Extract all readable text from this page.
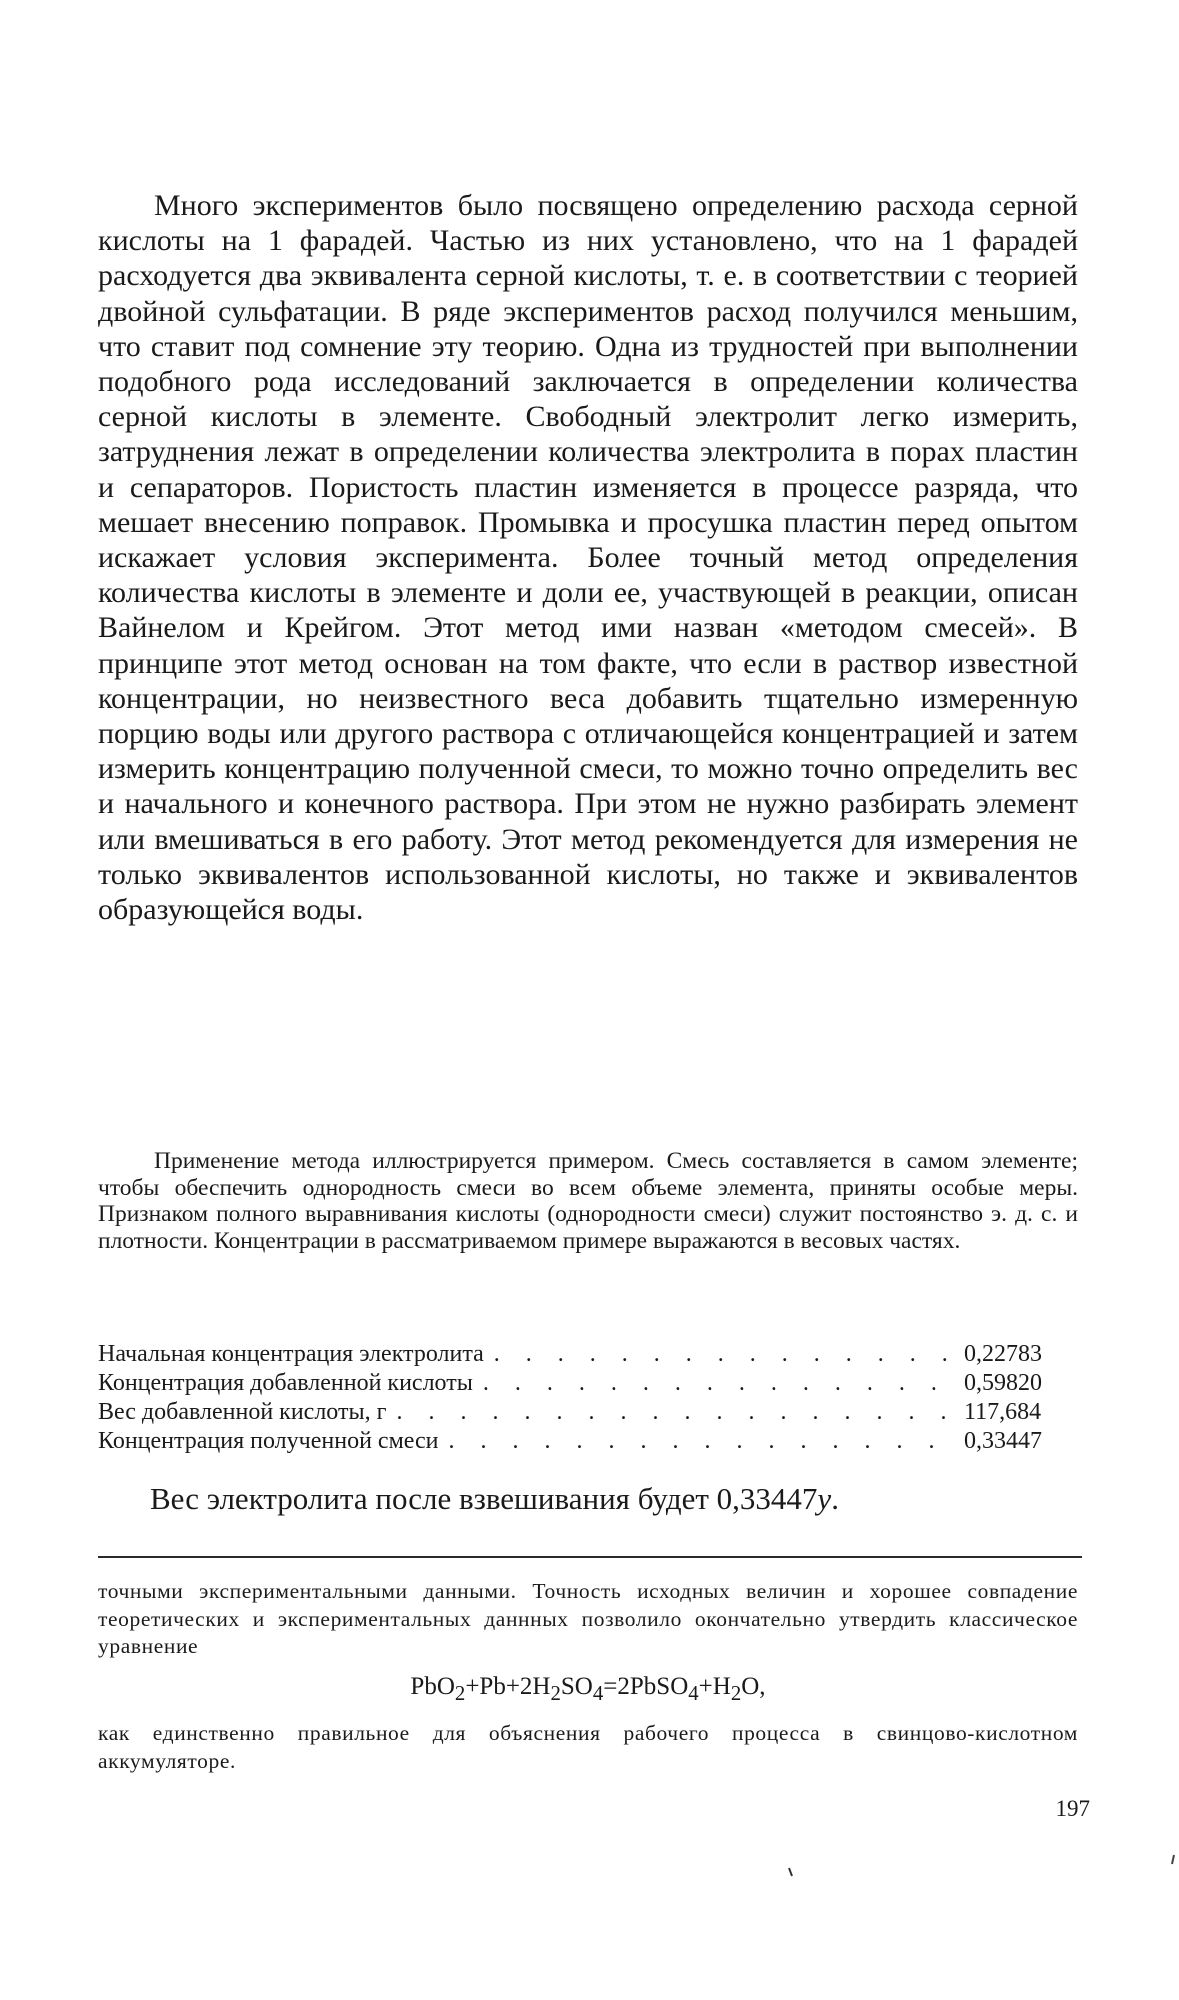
Много экспериментов было посвящено определению расхода серной кислоты на 1 фарадей. Частью из них установлено, что на 1 фарадей расходуется два эквивалента серной кислоты, т. е. в соответствии с теорией двойной сульфатации. В ряде экспериментов расход получился меньшим, что ставит под сомнение эту теорию. Одна из трудностей при выполнении подобного рода исследований заключается в определении количества серной кислоты в элементе. Свободный электролит легко измерить, затруднения лежат в определении количества электролита в порах пластин и сепараторов. Пористость пластин изменяется в процессе разряда, что мешает внесению поправок. Промывка и просушка пластин перед опытом искажает условия эксперимента. Более точный метод определения количества кислоты в элементе и доли ее, участвующей в реакции, описан Вайнелом и Крейгом. Этот метод ими назван «методом смесей». В принципе этот метод основан на том факте, что если в раствор известной концентрации, но неизвестного веса добавить тщательно измеренную порцию воды или другого раствора с отличающейся концентрацией и затем измерить концентрацию полученной смеси, то можно точно определить вес и начального и конечного раствора. При этом не нужно разбирать элемент или вмешиваться в его работу. Этот метод рекомендуется для измерения не только эквивалентов использованной кислоты, но также и эквивалентов образующейся воды.

Применение метода иллюстрируется примером. Смесь составляется в самом элементе; чтобы обеспечить однородность смеси во всем объеме элемента, приняты особые меры. Признаком полного выравнивания кислоты (однородности смеси) служит постоянство э. д. с. и плотности. Концентрации в рассматриваемом примере выражаются в весовых частях.

Начальная концентрация электролита . . .	0,22783
Концентрация добавленной кислоты . . .	0,59820
Вес добавленной кислоты, г . . .	117,684
Концентрация полученной смеси . . .	0,33447

Вес электролита после взвешивания будет 0,33447у.

точными экспериментальными данными. Точность исходных величин и хорошее совпадение теоретических и экспериментальных даннных позволило окончательно утвердить классическое уравнение

$PbO_2+Pb+2H_2SO_4=2PbSO_4+H_2O$,

как единственно правильное для объяснения рабочего процесса в свинцово-кислотном аккумуляторе.

197
